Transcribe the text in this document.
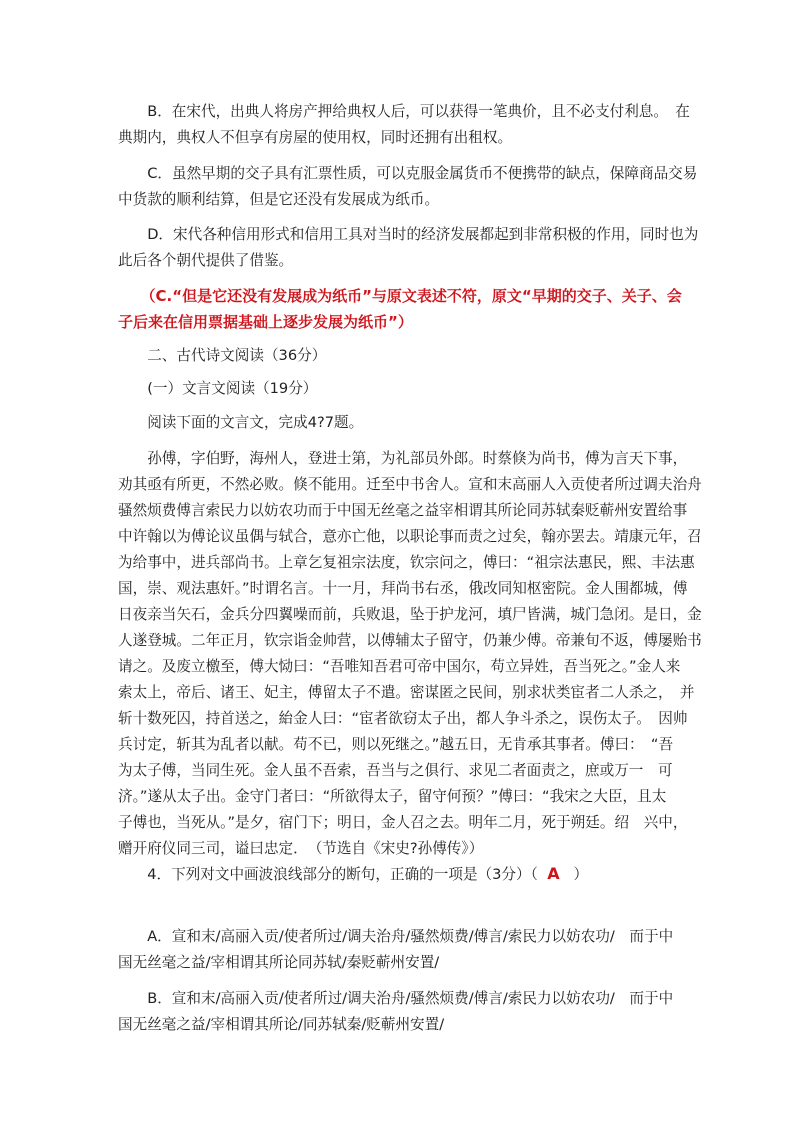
　　B．在宋代，出典人将房产押给典权人后，可以获得一笔典价，且不必支付利息。　在
典期内，典权人不但享有房屋的使用权，同时还拥有出租权。
　　C．虽然早期的交子具有汇票性质，可以克服金属货币不便携带的缺点，保障商品交易
中货款的顺利结算，但是它还没有发展成为纸币。
　　D．宋代各种信用形式和信用工具对当时的经济发展都起到非常积极的作用，同时也为
此后各个朝代提供了借鉴。
　　（C.“但是它还没有发展成为纸币”与原文表述不符，原文“早期的交子、关子、会
子后来在信用票据基础上逐步发展为纸币”）
　　二、古代诗文阅读（36分）
　　(一）文言文阅读（19分）
　　阅读下面的文言文，完成4?7题。
　　孙傅，字伯野，海州人，登进士第，为礼部员外郎。时蔡倏为尚书，傅为言天下事，
劝其亟有所更，不然必败。倏不能用。迁至中书舍人。宣和末高丽人入贡使者所过调夫治舟
骚然烦费傅言索民力以妨农功而于中国无丝毫之益宰相谓其所论同苏轼秦贬蕲州安置给事
中许翰以为傅论议虽偶与轼合，意亦亡他，以职论事而责之过矣，翰亦罢去。靖康元年，召
为给事中，进兵部尚书。上章乞复祖宗法度，钦宗问之，傅曰：“祖宗法惠民，熙、丰法惠
国，崇、观法惠奸。”时谓名言。十一月，拜尚书右丞，俄改同知枢密院。金人围都城，傅
日夜亲当矢石，金兵分四翼噪而前，兵败退，坠于护龙河，填尸皆满，城门急闭。是日，金
人遂登城。二年正月，钦宗诣金帅营，以傅辅太子留守，仍兼少傅。帝兼旬不返，傅屡贻书
请之。及废立檄至，傅大恸曰：“吾唯知吾君可帝中国尔，苟立异姓，吾当死之。”金人来
索太上，帝后、诸王、妃主，傅留太子不遣。密谋匿之民间，别求状类宦者二人杀之，　并
斩十数死囚，持首送之，紿金人曰：“宦者欲窃太子出，都人争斗杀之，误伤太子。　因帅
兵讨定，斩其为乱者以献。苟不已，则以死继之。”越五日，无肯承其事者。傅曰：　“吾
为太子傅，当同生死。金人虽不吾索，吾当与之俱行、求见二者面责之，庶或万一　可
济。”遂从太子出。金守门者曰：“所欲得太子，留守何预？”傅曰：“我宋之大臣，且太
子傅也，当死从。”是夕，宿门下；明日，金人召之去。明年二月，死于朔廷。绍　兴中，
赠开府仪同三司，谥曰忠定．　（节选自《宋史?孙傅传》）
　　4．下列对文中画波浪线部分的断句，正确的一项是（3分）（ A ）
　　A．宣和末/高丽入贡/使者所过/调夫治舟/骚然烦费/傅言/索民力以妨农功/　而于中
国无丝毫之益/宰相谓其所论同苏轼/秦贬蕲州安置/
　　B．宣和末/高丽入贡/使者所过/调夫治舟/骚然烦费/傅言/索民力以妨农功/　而于中
国无丝毫之益/宰相谓其所论/同苏轼秦/贬蕲州安置/
